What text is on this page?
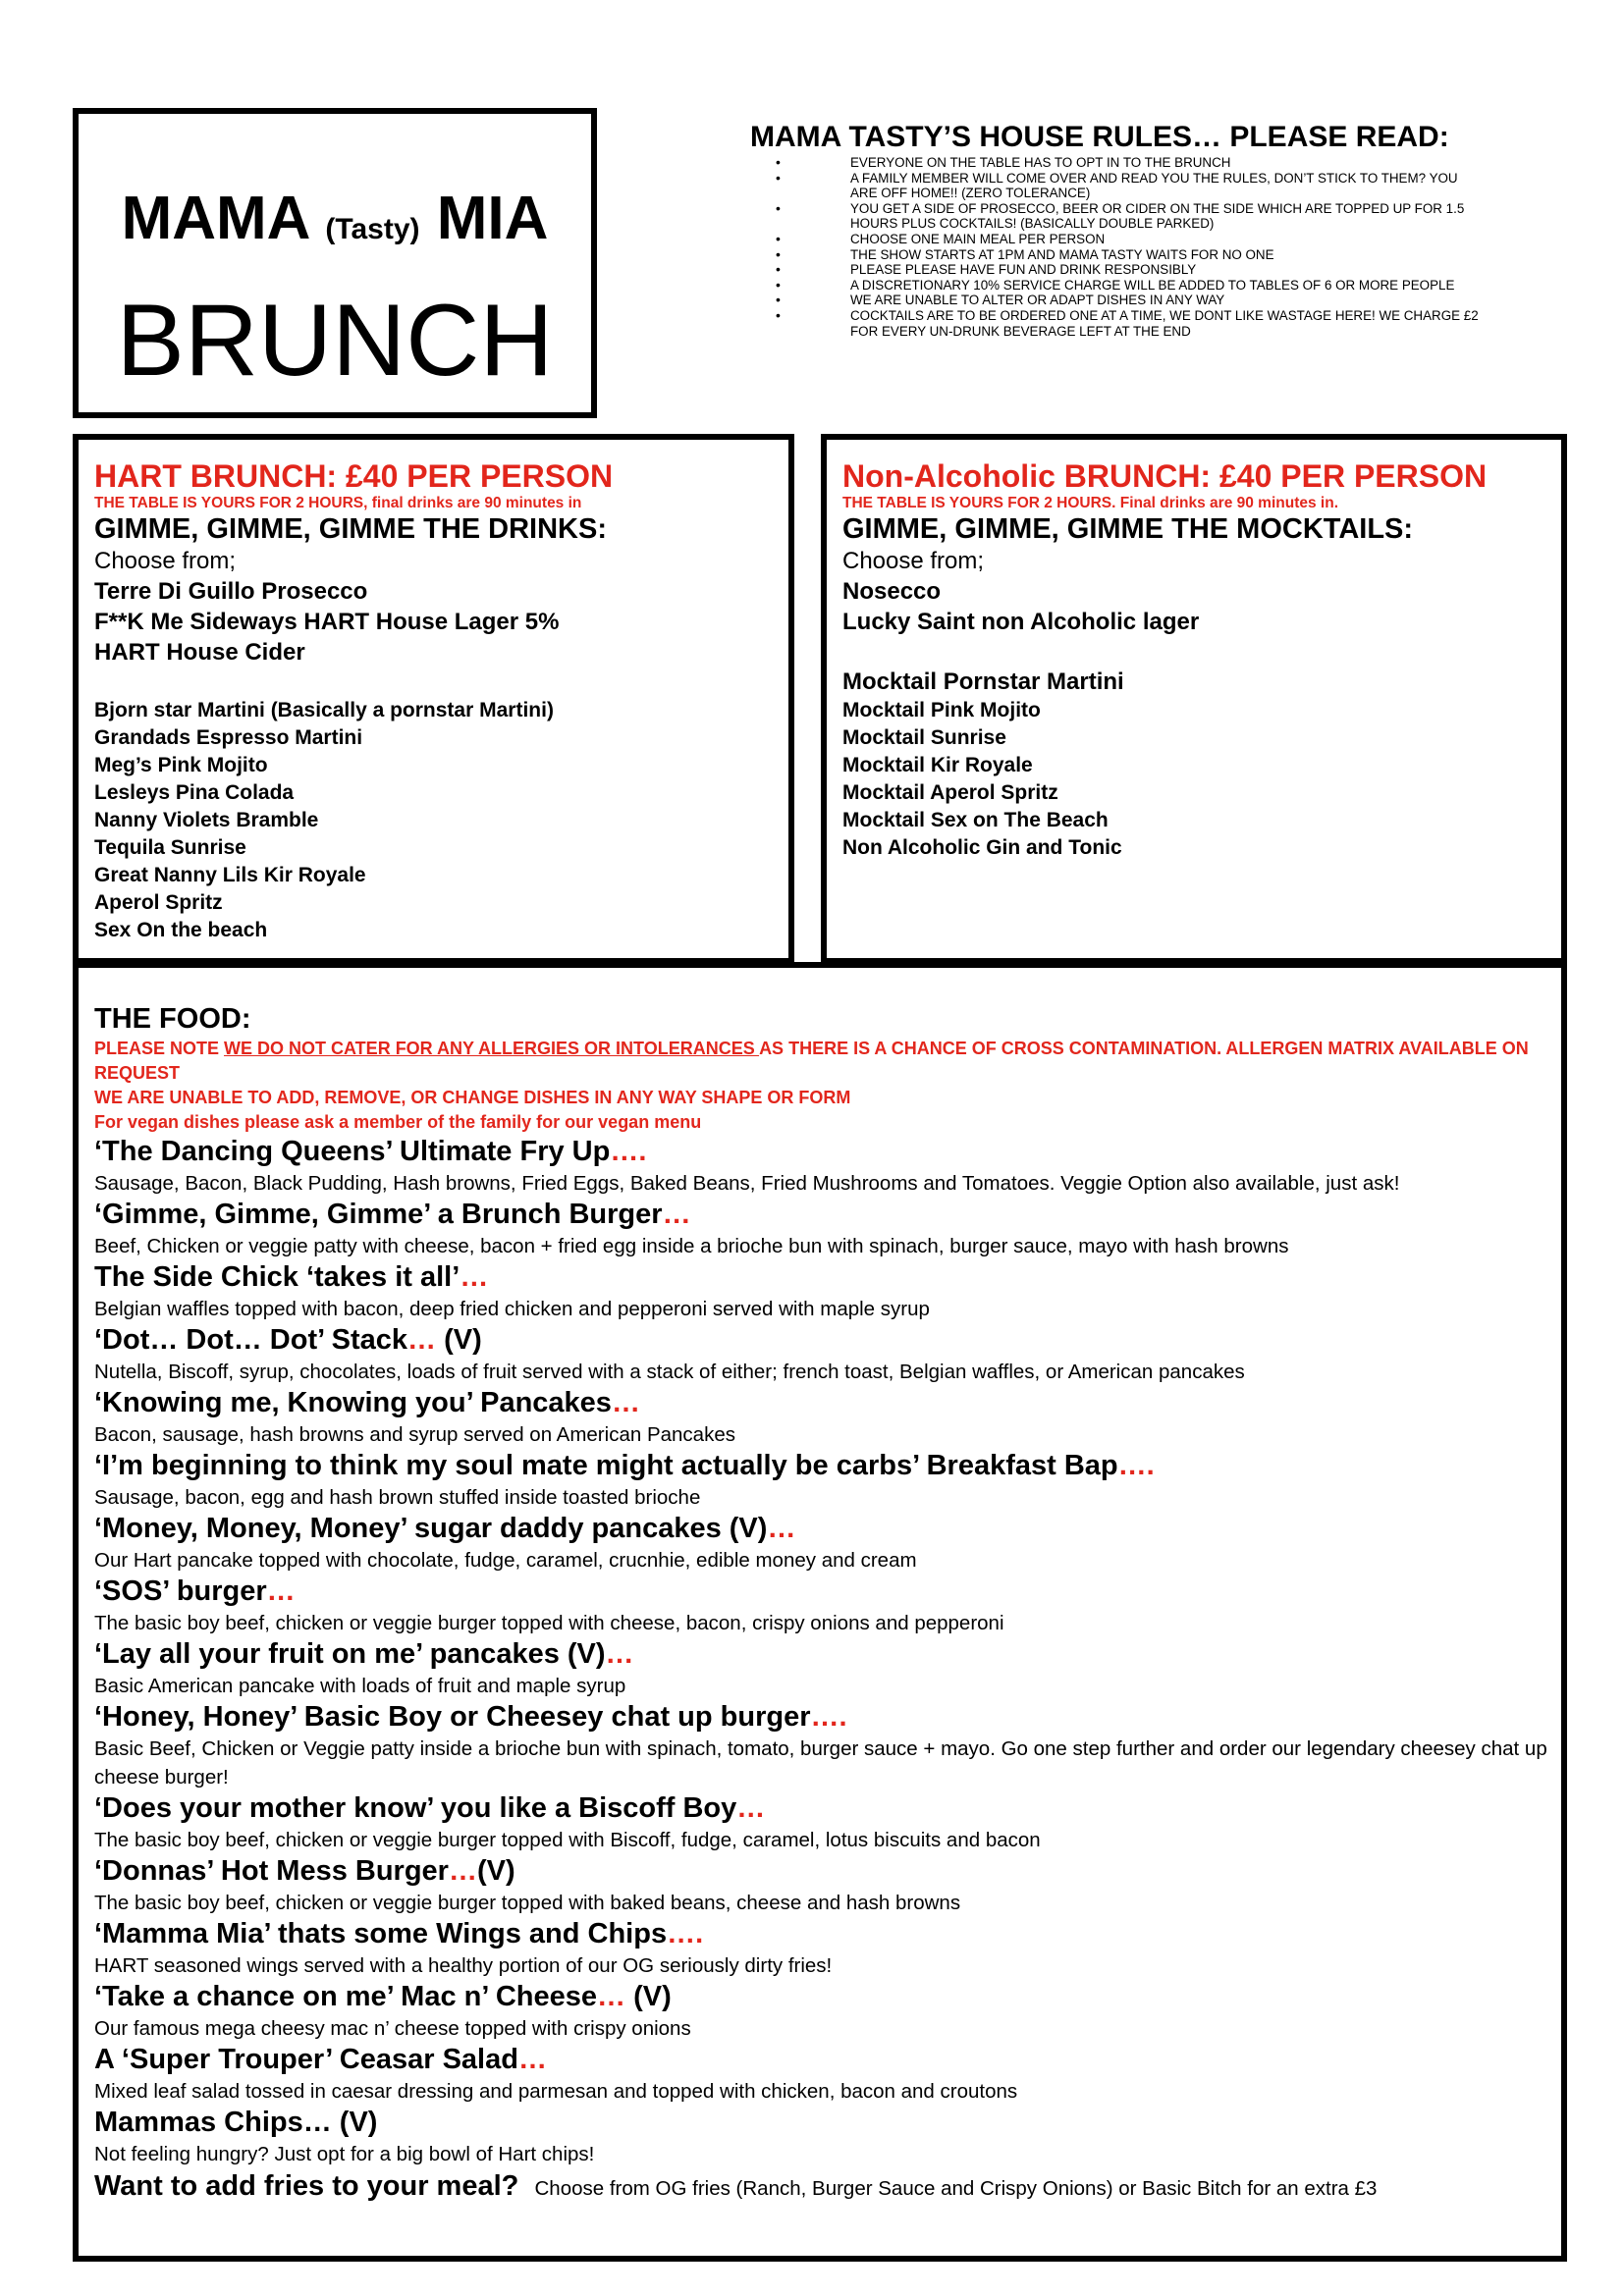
MAMA (Tasty) MIA
BRUNCH
MAMA TASTY’S HOUSE RULES… PLEASE READ:
• EVERYONE ON THE TABLE HAS TO OPT IN TO THE BRUNCH
• A FAMILY MEMBER WILL COME OVER AND READ YOU THE RULES, DON’T STICK TO THEM? YOU ARE OFF HOME!! (ZERO TOLERANCE)
• YOU GET A SIDE OF PROSECCO, BEER OR CIDER ON THE SIDE WHICH ARE TOPPED UP FOR 1.5 HOURS PLUS COCKTAILS! (BASICALLY DOUBLE PARKED)
• CHOOSE ONE MAIN MEAL PER PERSON
• THE SHOW STARTS AT 1PM AND MAMA TASTY WAITS FOR NO ONE
• PLEASE PLEASE HAVE FUN AND DRINK RESPONSIBLY
• A DISCRETIONARY 10% SERVICE CHARGE WILL BE ADDED TO TABLES OF 6 OR MORE PEOPLE
• WE ARE UNABLE TO ALTER OR ADAPT DISHES IN ANY WAY
• COCKTAILS ARE TO BE ORDERED ONE AT A TIME, WE DONT LIKE WASTAGE HERE! WE CHARGE £2 FOR EVERY UN-DRUNK BEVERAGE LEFT AT THE END
HART BRUNCH: £40 PER PERSON
THE TABLE IS YOURS FOR 2 HOURS, final drinks are 90 minutes in
GIMME, GIMME, GIMME THE DRINKS:
Choose from;
Terre Di Guillo Prosecco
F**K Me Sideways HART House Lager 5%
HART House Cider
Bjorn star Martini (Basically a pornstar Martini)
Grandads Espresso Martini
Meg’s Pink Mojito
Lesleys Pina Colada
Nanny Violets Bramble
Tequila Sunrise
Great Nanny Lils Kir Royale
Aperol Spritz
Sex On the beach
Non-Alcoholic BRUNCH: £40 PER PERSON
THE TABLE IS YOURS FOR 2 HOURS. Final drinks are 90 minutes in.
GIMME, GIMME, GIMME THE MOCKTAILS:
Choose from;
Nosecco
Lucky Saint non Alcoholic lager
Mocktail Pornstar Martini
Mocktail Pink Mojito
Mocktail Sunrise
Mocktail Kir Royale
Mocktail Aperol Spritz
Mocktail Sex on The Beach
Non Alcoholic Gin and Tonic
THE FOOD:
PLEASE NOTE WE DO NOT CATER FOR ANY ALLERGIES OR INTOLERANCES AS THERE IS A CHANCE OF CROSS CONTAMINATION. ALLERGEN MATRIX AVAILABLE ON REQUEST
WE ARE UNABLE TO ADD, REMOVE, OR CHANGE DISHES IN ANY WAY SHAPE OR FORM
For vegan dishes please ask a member of the family for our vegan menu
‘The Dancing Queens’ Ultimate Fry Up….
Sausage, Bacon, Black Pudding, Hash browns, Fried Eggs, Baked Beans, Fried Mushrooms and Tomatoes. Veggie Option also available, just ask!
‘Gimme, Gimme, Gimme’ a Brunch Burger…
Beef, Chicken or veggie patty with cheese, bacon + fried egg inside a brioche bun with spinach, burger sauce, mayo with hash browns
The Side Chick ‘takes it all’…
Belgian waffles topped with bacon, deep fried chicken and pepperoni served with maple syrup
‘Dot… Dot… Dot’ Stack… (V)
Nutella, Biscoff, syrup, chocolates, loads of fruit served with a stack of either; french toast, Belgian waffles, or American pancakes
‘Knowing me, Knowing you’ Pancakes…
Bacon, sausage, hash browns and syrup served on American Pancakes
‘I’m beginning to think my soul mate might actually be carbs’ Breakfast Bap….
Sausage, bacon, egg and hash brown stuffed inside toasted brioche
‘Money, Money, Money’ sugar daddy pancakes (V)…
Our Hart pancake topped with chocolate, fudge, caramel, crucnhie, edible money and cream
‘SOS’ burger…
The basic boy beef, chicken or veggie burger topped with cheese, bacon, crispy onions and pepperoni
‘Lay all your fruit on me’ pancakes (V)…
Basic American pancake with loads of fruit and maple syrup
‘Honey, Honey’ Basic Boy or Cheesey chat up burger….
Basic Beef, Chicken or Veggie patty inside a brioche bun with spinach, tomato, burger sauce + mayo. Go one step further and order our legendary cheesey chat up cheese burger!
‘Does your mother know’ you like a Biscoff Boy…
The basic boy beef, chicken or veggie burger topped with Biscoff, fudge, caramel, lotus biscuits and bacon
‘Donnas’ Hot Mess Burger…(V)
The basic boy beef, chicken or veggie burger topped with baked beans, cheese and hash browns
‘Mamma Mia’ thats some Wings and Chips….
HART seasoned wings served with a healthy portion of our OG seriously dirty fries!
‘Take a chance on me’ Mac n’ Cheese… (V)
Our famous mega cheesy mac n’ cheese topped with crispy onions
A ‘Super Trouper’ Ceasar Salad…
Mixed leaf salad tossed in caesar dressing and parmesan and topped with chicken, bacon and croutons
Mammas Chips… (V)
Not feeling hungry? Just opt for a big bowl of Hart chips!
Want to add fries to your meal? Choose from OG fries (Ranch, Burger Sauce and Crispy Onions) or Basic Bitch for an extra £3
